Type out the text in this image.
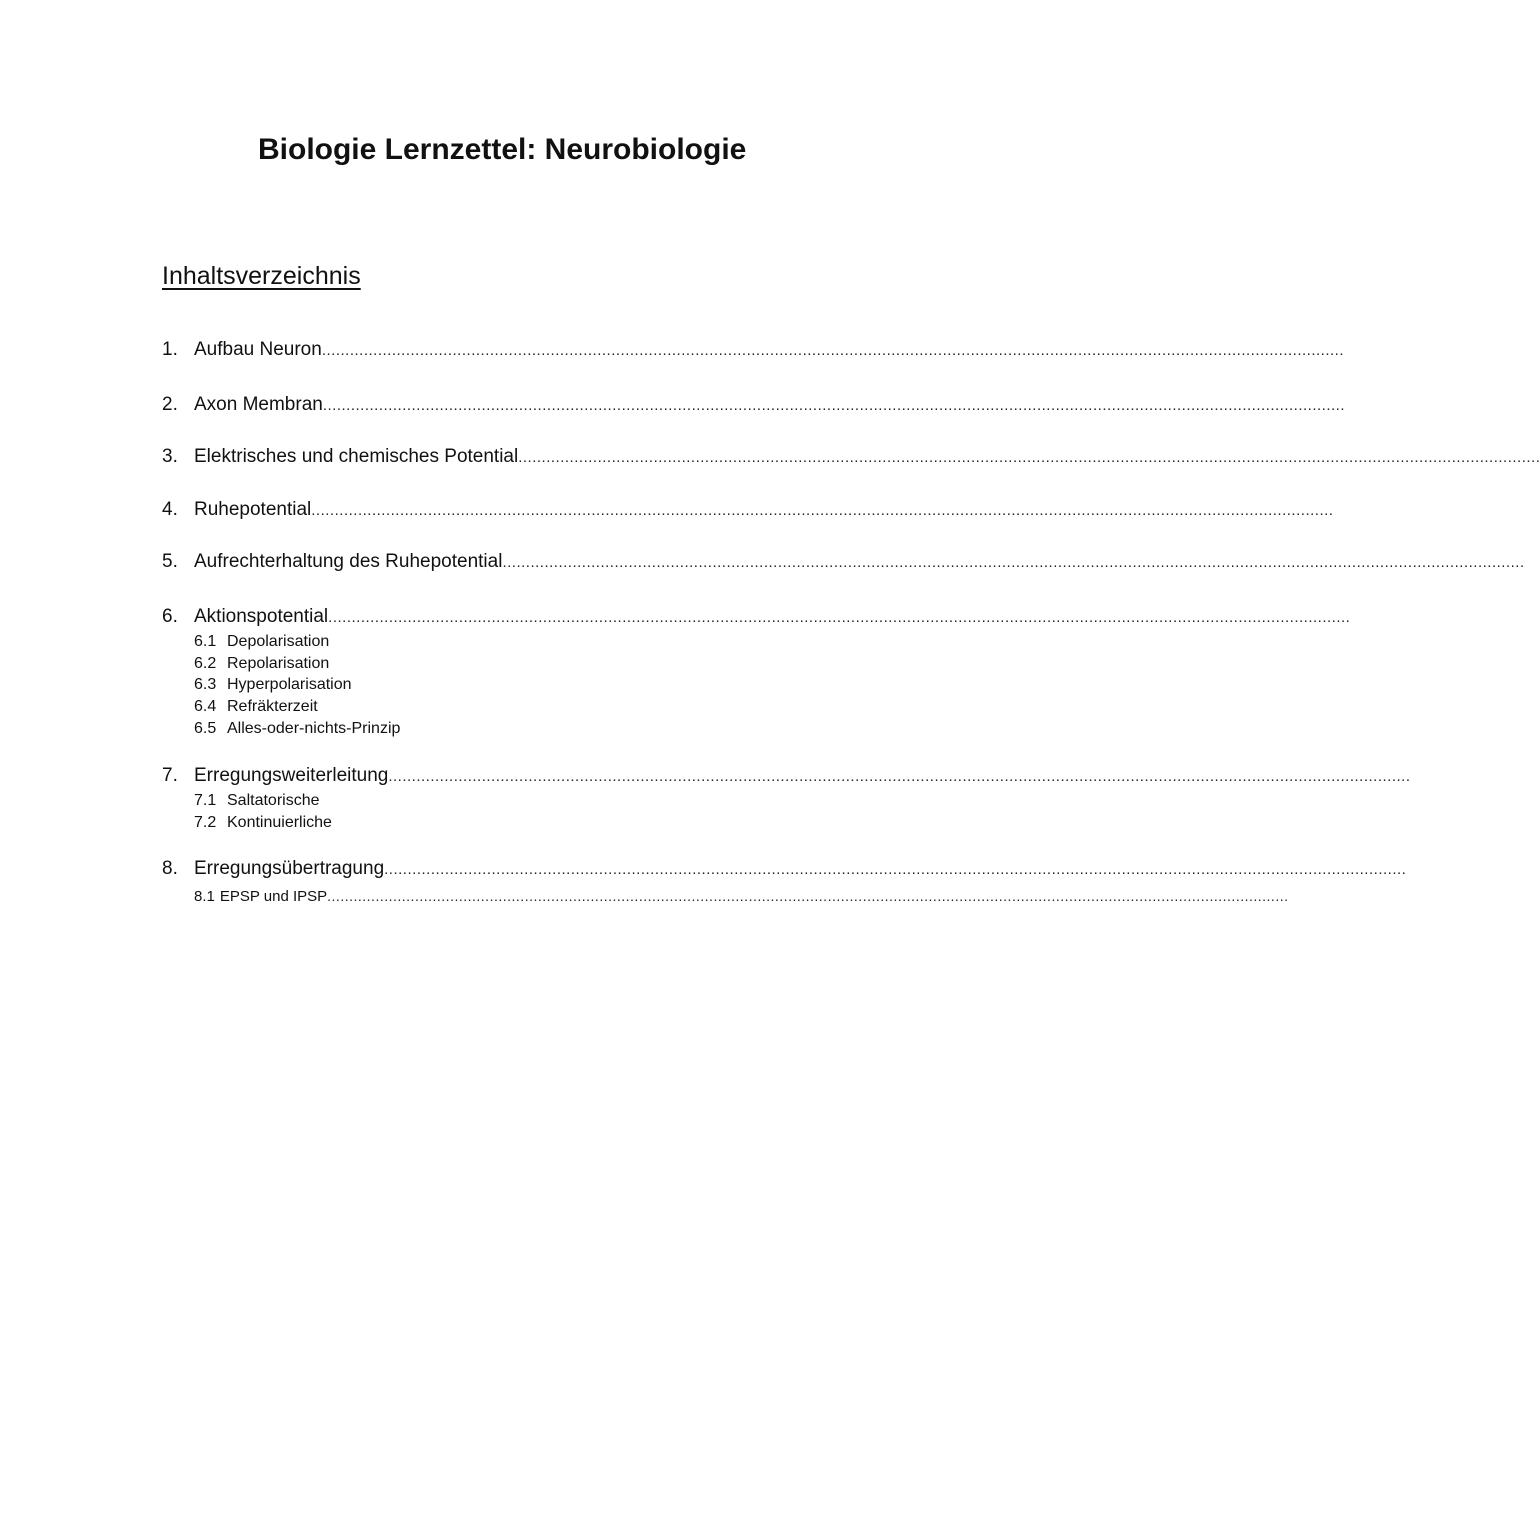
Biologie Lernzettel: Neurobiologie
Inhaltsverzeichnis
1. Aufbau Neuron ...........................................................................................................................................................................................................................
2. Axon Membran ...........................................................................................................................................................................................................................
3. Elektrisches und chemisches Potential ...........................................................................................................................................................................................................................
4. Ruhepotential ...........................................................................................................................................................................................................................
5. Aufrechterhaltung des Ruhepotential ...........................................................................................................................................................................................................................
6. Aktionspotential ...........................................................................................................................................................................................................................
6.1 Depolarisation
6.2 Repolarisation
6.3 Hyperpolarisation
6.4 Refräkterzeit
6.5 Alles-oder-nichts-Prinzip
7. Erregungsweiterleitung ...........................................................................................................................................................................................................................
7.1 Saltatorische
7.2 Kontinuierliche
8. Erregungsübertragung ...........................................................................................................................................................................................................................
8.1 EPSP und IPSP ...........................................................................................................................................................................................................................
